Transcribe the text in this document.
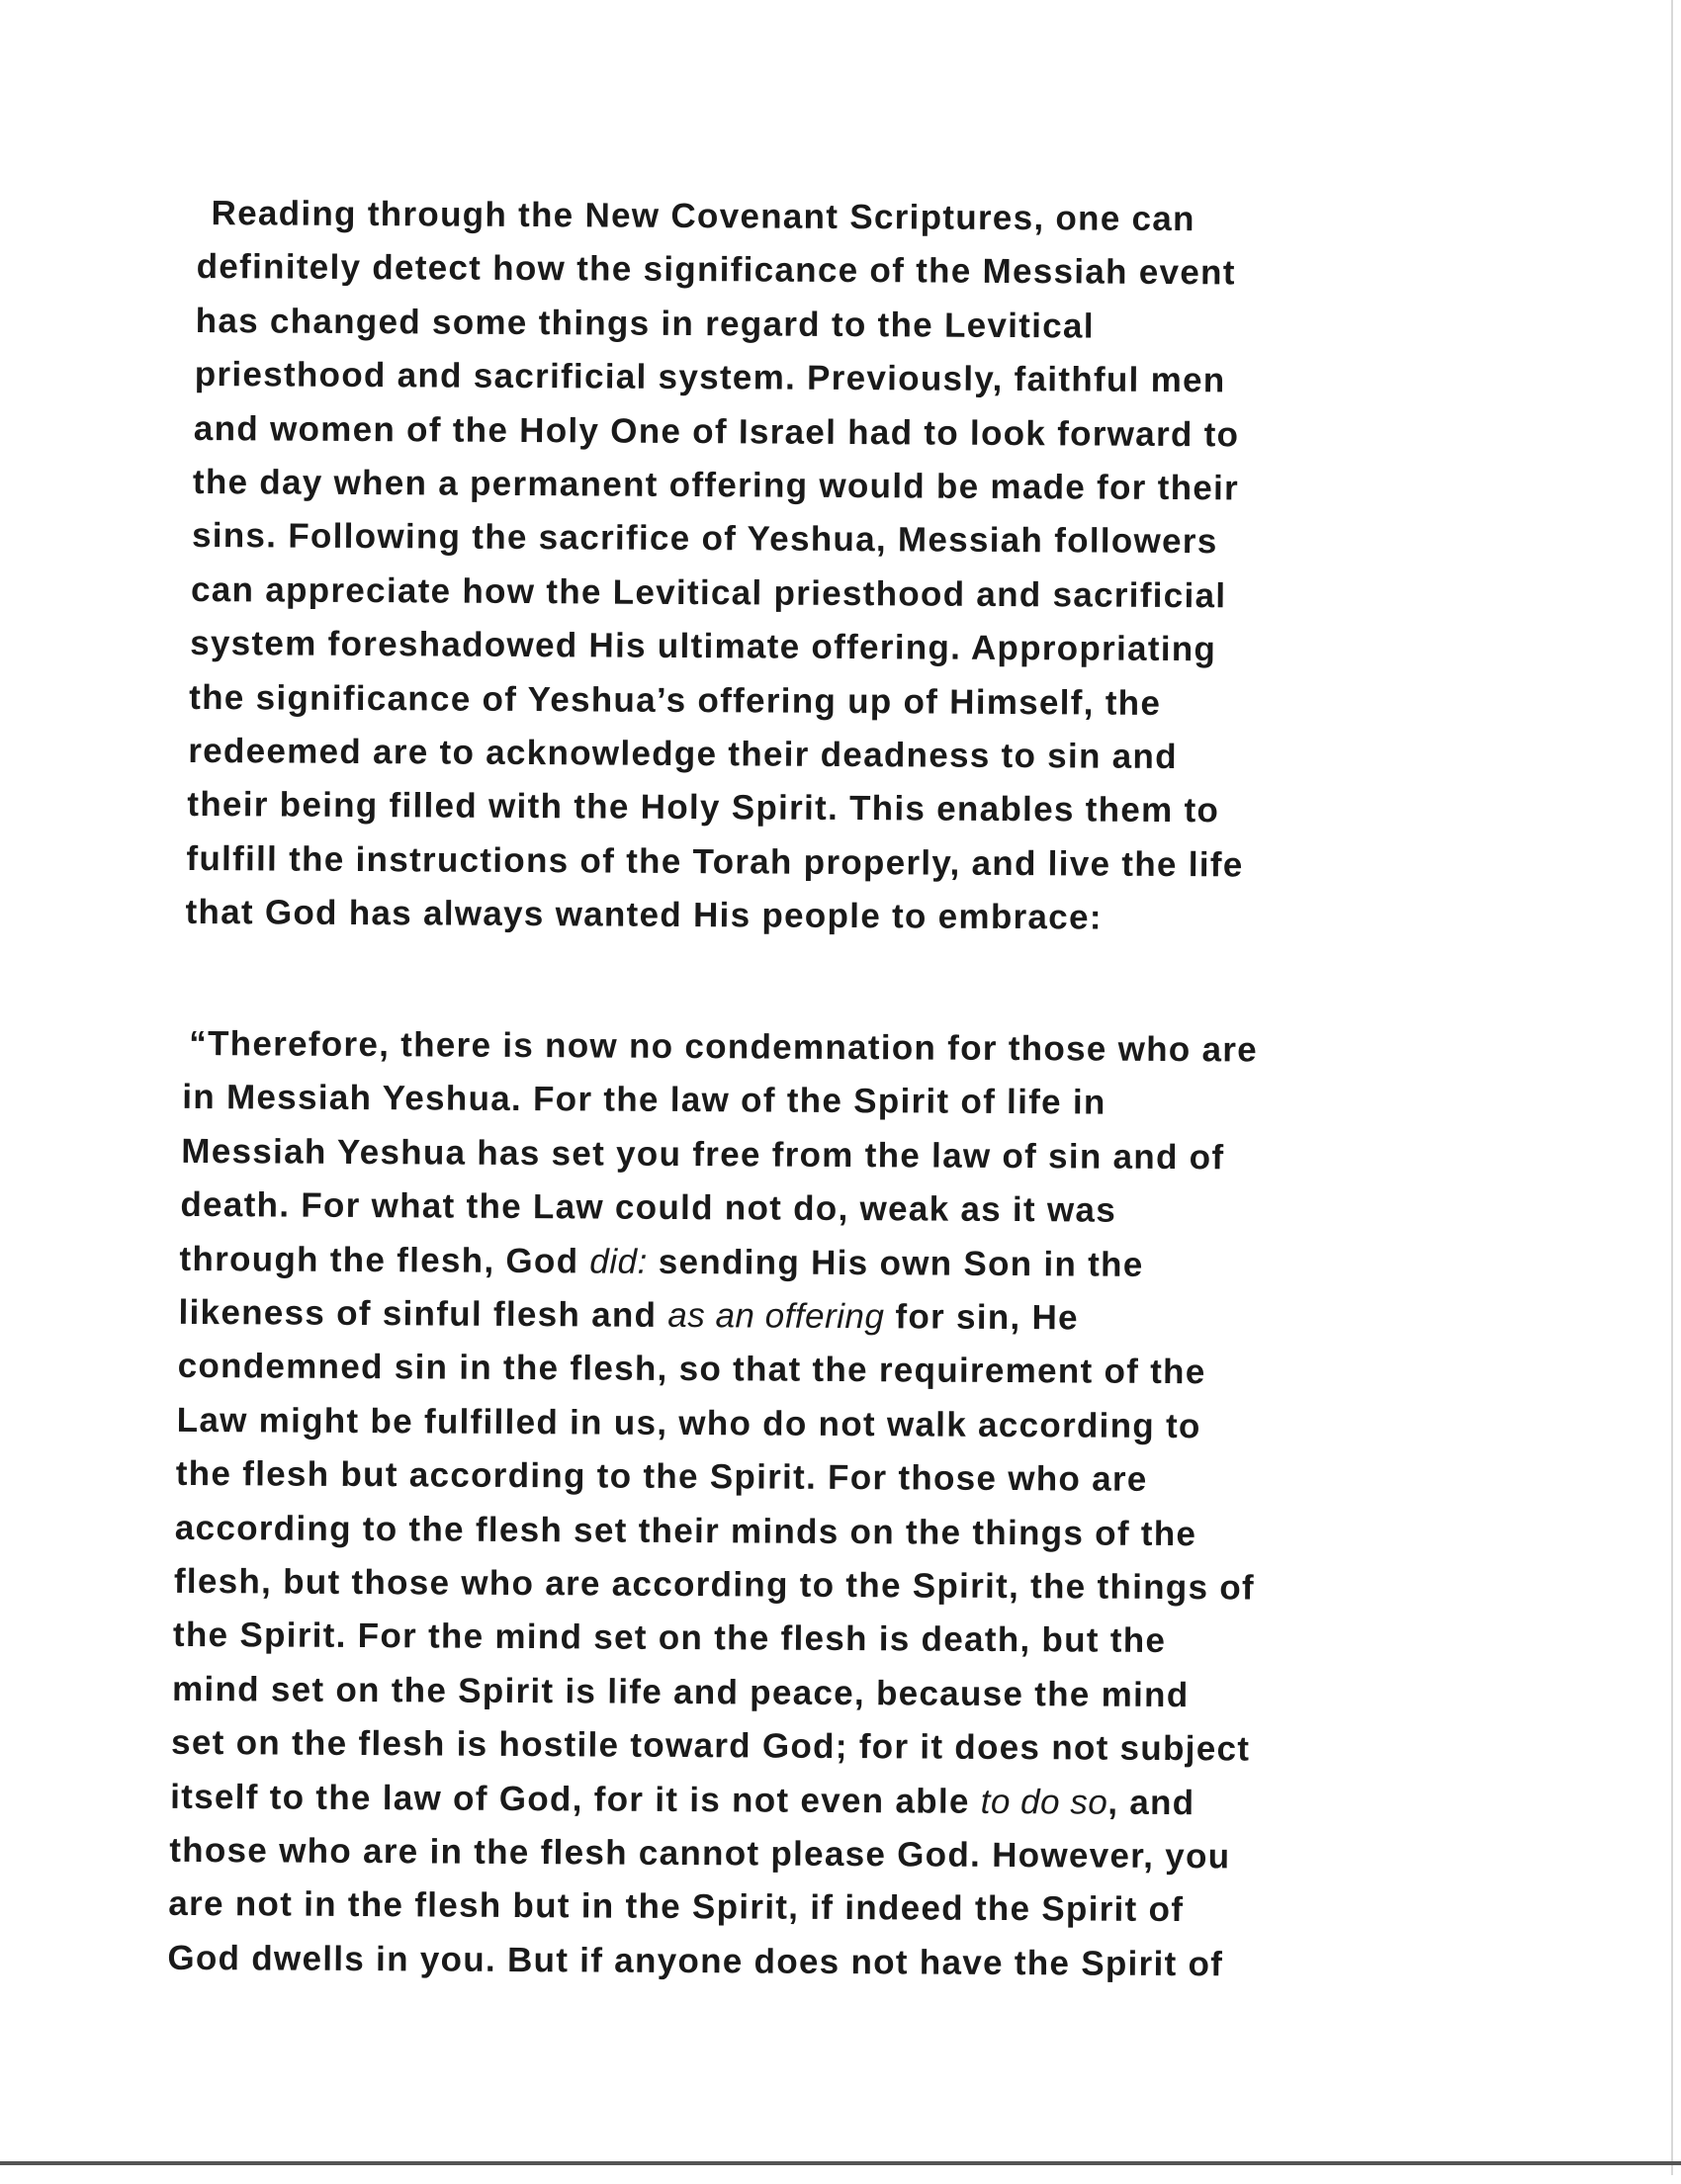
Reading through the New Covenant Scriptures, one can
definitely detect how the significance of the Messiah event
has changed some things in regard to the Levitical
priesthood and sacrificial system. Previously, faithful men
and women of the Holy One of Israel had to look forward to
the day when a permanent offering would be made for their
sins. Following the sacrifice of Yeshua, Messiah followers
can appreciate how the Levitical priesthood and sacrificial
system foreshadowed His ultimate offering. Appropriating
the significance of Yeshua’s offering up of Himself, the
redeemed are to acknowledge their deadness to sin and
their being filled with the Holy Spirit. This enables them to
fulfill the instructions of the Torah properly, and live the life
that God has always wanted His people to embrace:
“Therefore, there is now no condemnation for those who are
in Messiah Yeshua. For the law of the Spirit of life in
Messiah Yeshua has set you free from the law of sin and of
death. For what the Law could not do, weak as it was
through the flesh, God did: sending His own Son in the
likeness of sinful flesh and as an offering for sin, He
condemned sin in the flesh, so that the requirement of the
Law might be fulfilled in us, who do not walk according to
the flesh but according to the Spirit. For those who are
according to the flesh set their minds on the things of the
flesh, but those who are according to the Spirit, the things of
the Spirit. For the mind set on the flesh is death, but the
mind set on the Spirit is life and peace, because the mind
set on the flesh is hostile toward God; for it does not subject
itself to the law of God, for it is not even able to do so, and
those who are in the flesh cannot please God. However, you
are not in the flesh but in the Spirit, if indeed the Spirit of
God dwells in you. But if anyone does not have the Spirit of
